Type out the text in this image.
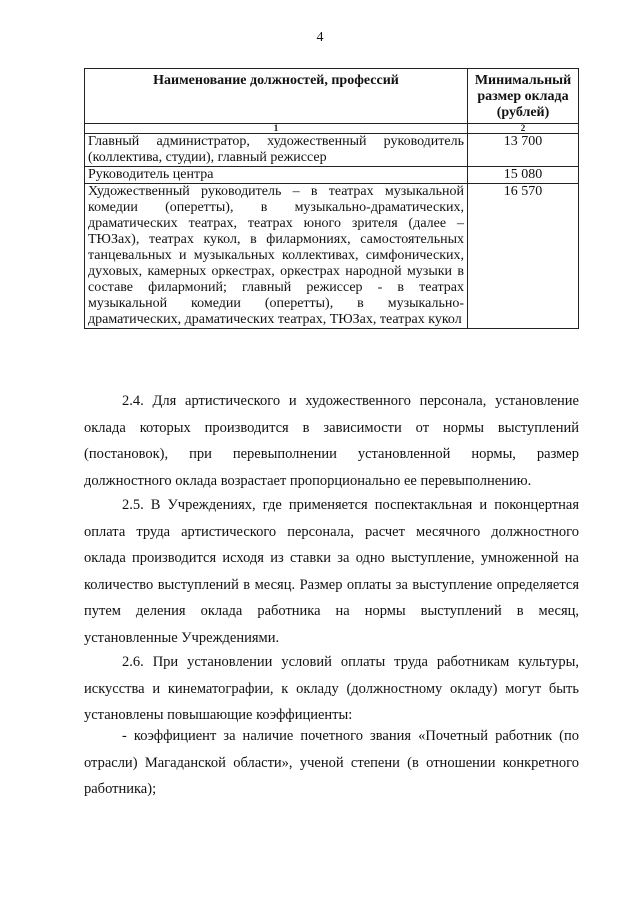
4
Наименование должностей, профессий	Минимальный размер оклада (рублей)
1	2
Главный администратор, художественный руководитель (коллектива, студии), главный режиссер	13 700
Руководитель центра	15 080
Художественный руководитель – в театрах музыкальной комедии (оперетты), в музыкально-драматических, драматических театрах, театрах юного зрителя (далее – ТЮЗах), театрах кукол, в филармониях, самостоятельных танцевальных и музыкальных коллективах, симфонических, духовых, камерных оркестрах, оркестрах народной музыки в составе филармоний; главный режиссер - в театрах музыкальной комедии (оперетты), в музыкально-драматических, драматических театрах, ТЮЗах, театрах кукол	16 570

2.4. Для артистического и художественного персонала, установление оклада которых производится в зависимости от нормы выступлений (постановок), при перевыполнении установленной нормы, размер должностного оклада возрастает пропорционально ее перевыполнению.

2.5. В Учреждениях, где применяется поспектакльная и поконцертная оплата труда артистического персонала, расчет месячного должностного оклада производится исходя из ставки за одно выступление, умноженной на количество выступлений в месяц. Размер оплаты за выступление определяется путем деления оклада работника на нормы выступлений в месяц, установленные Учреждениями.

2.6. При установлении условий оплаты труда работникам культуры, искусства и кинематографии, к окладу (должностному окладу) могут быть установлены повышающие коэффициенты:

- коэффициент за наличие почетного звания «Почетный работник (по отрасли) Магаданской области», ученой степени (в отношении конкретного работника);
